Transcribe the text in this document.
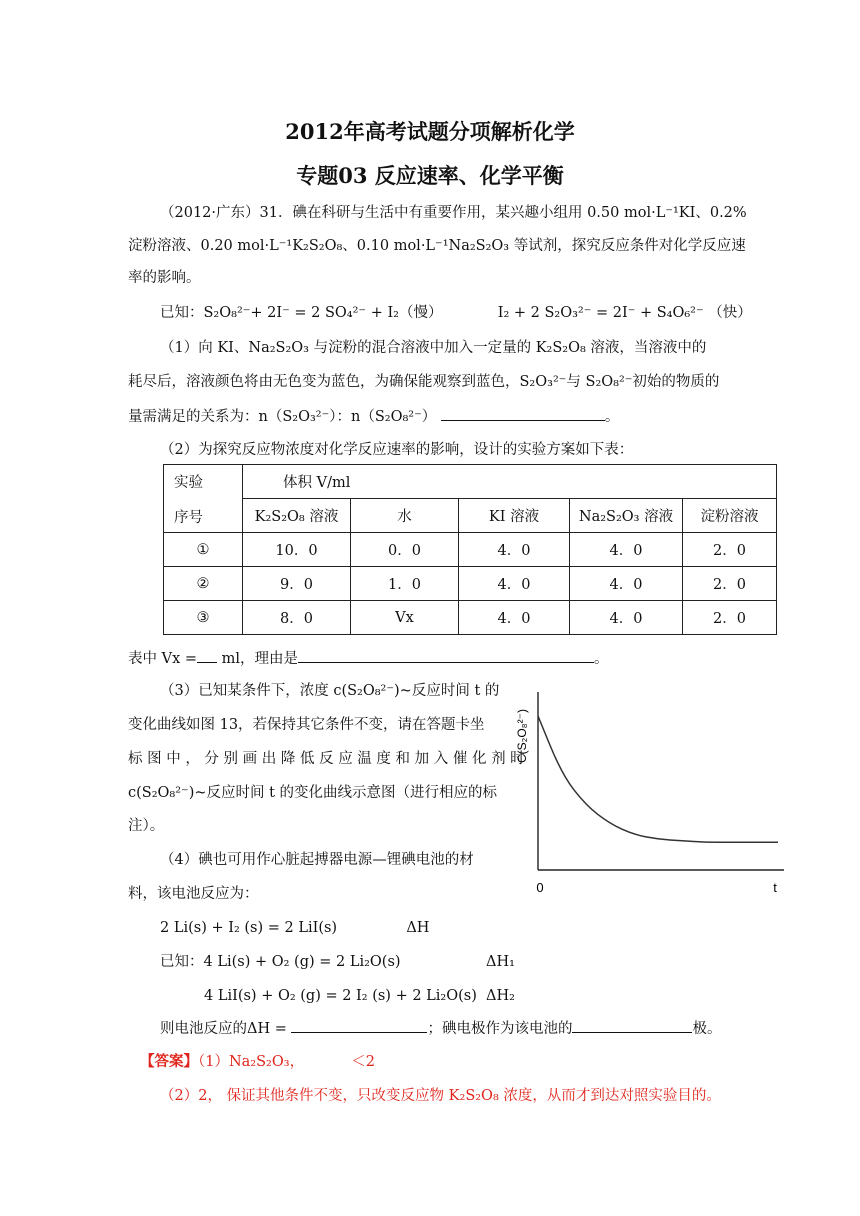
2012年高考试题分项解析化学
专题03 反应速率、化学平衡
（2012·广东）31．碘在科研与生活中有重要作用，某兴趣小组用 0.50 mol·L⁻¹KI、0.2%
淀粉溶液、0.20 mol·L⁻¹K₂S₂O₈、0.10 mol·L⁻¹Na₂S₂O₃ 等试剂，探究反应条件对化学反应速
率的影响。
已知：S₂O₈²⁻+ 2I⁻ = 2 SO₄²⁻ + I₂（慢）	I₂ + 2 S₂O₃²⁻ = 2I⁻ + S₄O₆²⁻ （快）
（1）向 KI、Na₂S₂O₃ 与淀粉的混合溶液中加入一定量的 K₂S₂O₈ 溶液，当溶液中的
耗尽后，溶液颜色将由无色变为蓝色，为确保能观察到蓝色，S₂O₃²⁻与 S₂O₈²⁻初始的物质的
量需满足的关系为：n（S₂O₃²⁻）：n（S₂O₈²⁻）	。
（2）为探究反应物浓度对化学反应速率的影响，设计的实验方案如下表：
实验
序号	体积 V/ml				
	K₂S₂O₈ 溶液	水	KI 溶液	Na₂S₂O₃ 溶液	淀粉溶液
①	10．0	0．0	4．0	4．0	2．0
②	9．0	1．0	4．0	4．0	2．0
③	8．0	Vx	4．0	4．0	2．0
表中 Vx = ml，理由是	。
（3）已知某条件下，浓度 c(S₂O₈²⁻)~反应时间 t 的
变化曲线如图 13，若保持其它条件不变，请在答题卡坐
标 图 中 ， 分 别 画 出 降 低 反 应 温 度 和 加 入 催 化 剂 时
c(S₂O₈²⁻)~反应时间 t 的变化曲线示意图（进行相应的标
注）。
C(S₂O₈²⁻)
0	t
（4）碘也可用作心脏起搏器电源—锂碘电池的材
料，该电池反应为：
2 Li(s) + I₂ (s) = 2 LiI(s)	ΔH
已知：4 Li(s) + O₂ (g) = 2 Li₂O(s)	ΔH₁
4 LiI(s) + O₂ (g) = 2 I₂ (s) + 2 Li₂O(s) ΔH₂
则电池反应的ΔH =	；碘电极作为该电池的	极。
【答案】（1）Na₂S₂O₃，	＜2
（2）2， 保证其他条件不变，只改变反应物 K₂S₂O₈ 浓度，从而才到达对照实验目的。
